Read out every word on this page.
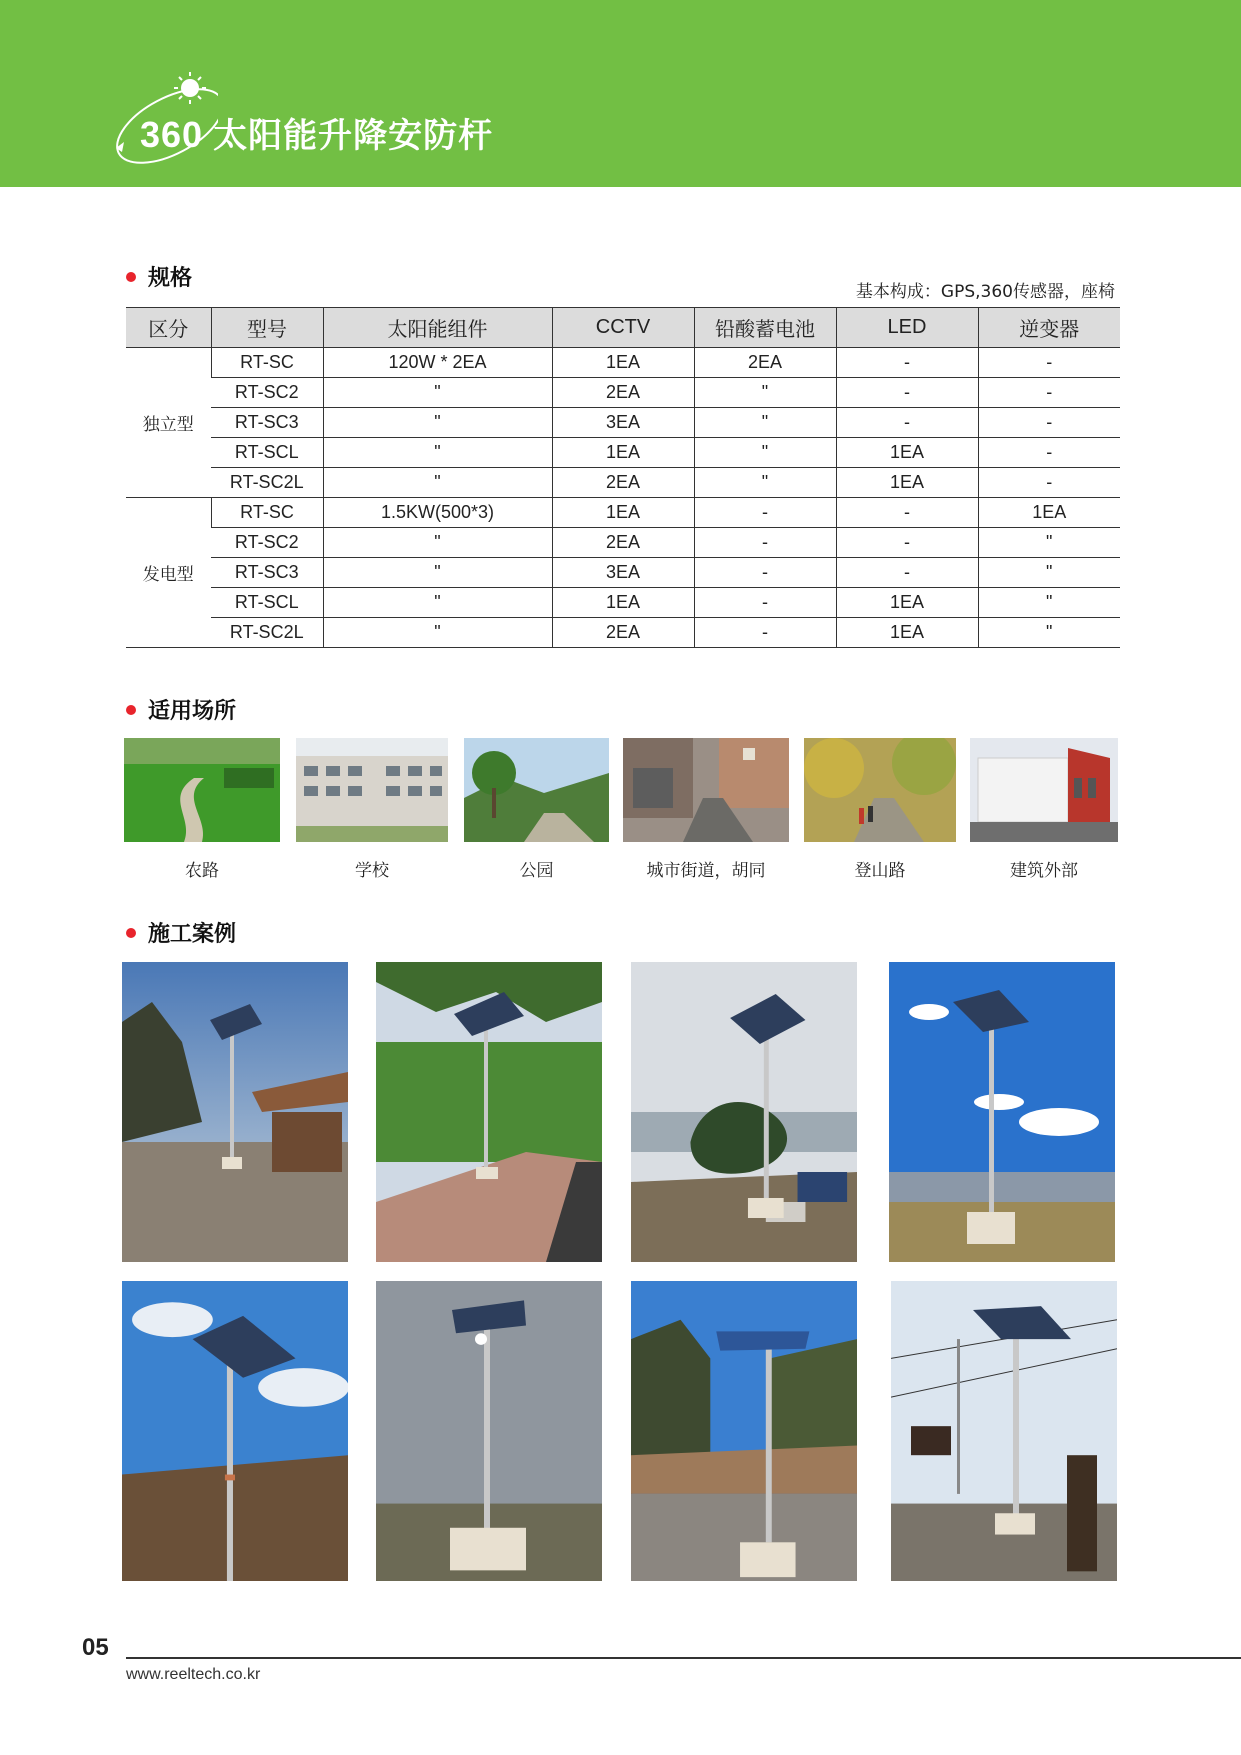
360 太阳能升降安防杆
规格
基本构成：GPS,360传感器，座椅
区分	型号	太阳能组件	CCTV	铅酸蓄电池	LED	逆变器
独立型	RT-SC	120W * 2EA	1EA	2EA	-	-
	RT-SC2	"	2EA	"	-	-
	RT-SC3	"	3EA	"	-	-
	RT-SCL	"	1EA	"	1EA	-
	RT-SC2L	"	2EA	"	1EA	-
发电型	RT-SC	1.5KW(500*3)	1EA	-	-	1EA
	RT-SC2	"	2EA	-	-	"
	RT-SC3	"	3EA	-	-	"
	RT-SCL	"	1EA	-	1EA	"
	RT-SC2L	"	2EA	-	1EA	"
适用场所
农路	学校	公园	城市街道，胡同	登山路	建筑外部
施工案例
05
www.reeltech.co.kr
